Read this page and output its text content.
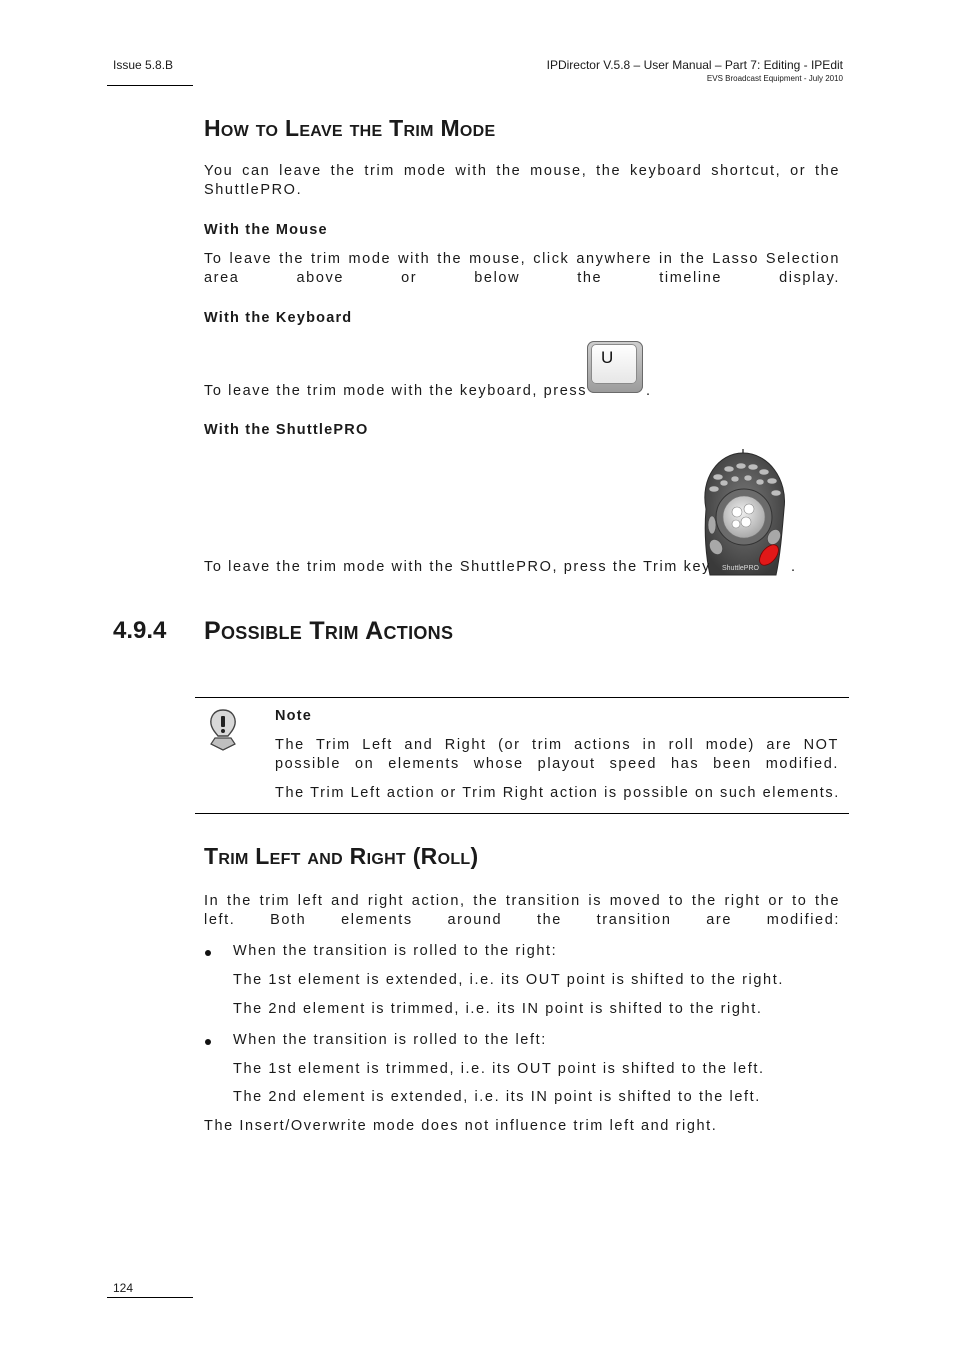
Issue 5.8.B	IPDirector V.5.8 – User Manual – Part 7: Editing - IPEdit
EVS Broadcast Equipment - July 2010
How to Leave the Trim Mode
You can leave the trim mode with the mouse, the keyboard shortcut, or the ShuttlePRO.
With the Mouse
To leave the trim mode with the mouse, click anywhere in the Lasso Selection area above or below the timeline display.
With the Keyboard
U
To leave the trim mode with the keyboard, press	.
With the ShuttlePRO
ShuttlePRO
To leave the trim mode with the ShuttlePRO, press the Trim key	.
4.9.4 Possible Trim Actions
Note
The Trim Left and Right (or trim actions in roll mode) are NOT possible on elements whose playout speed has been modified.
The Trim Left action or Trim Right action is possible on such elements.
Trim Left and Right (Roll)
In the trim left and right action, the transition is moved to the right or to the left. Both elements around the transition are modified:
When the transition is rolled to the right:
The 1st element is extended, i.e. its OUT point is shifted to the right.
The 2nd element is trimmed, i.e. its IN point is shifted to the right.
When the transition is rolled to the left:
The 1st element is trimmed, i.e. its OUT point is shifted to the left.
The 2nd element is extended, i.e. its IN point is shifted to the left.
The Insert/Overwrite mode does not influence trim left and right.
124
